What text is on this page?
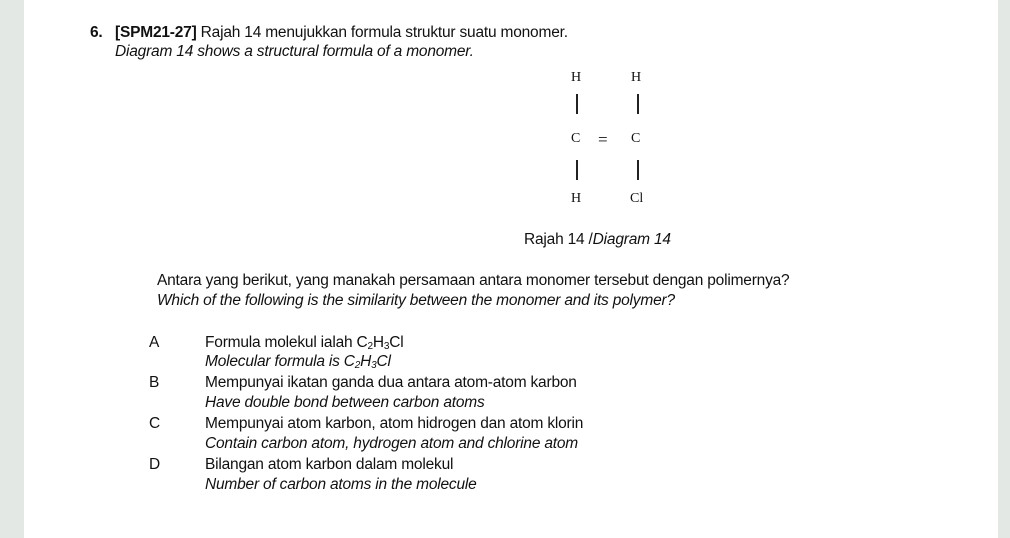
6. [SPM21-27] Rajah 14 menujukkan formula struktur suatu monomer.
Diagram 14 shows a structural formula of a monomer.
H	H
C = C
H	Cl
Rajah 14 /Diagram 14
Antara yang berikut, yang manakah persamaan antara monomer tersebut dengan polimernya?
Which of the following is the similarity between the monomer and its polymer?
A	Formula molekul ialah $C_2H_3Cl$
Molecular formula is $C_2H_3Cl$
B	Mempunyai ikatan ganda dua antara atom-atom karbon
Have double bond between carbon atoms
C	Mempunyai atom karbon, atom hidrogen dan atom klorin
Contain carbon atom, hydrogen atom and chlorine atom
D	Bilangan atom karbon dalam molekul
Number of carbon atoms in the molecule
